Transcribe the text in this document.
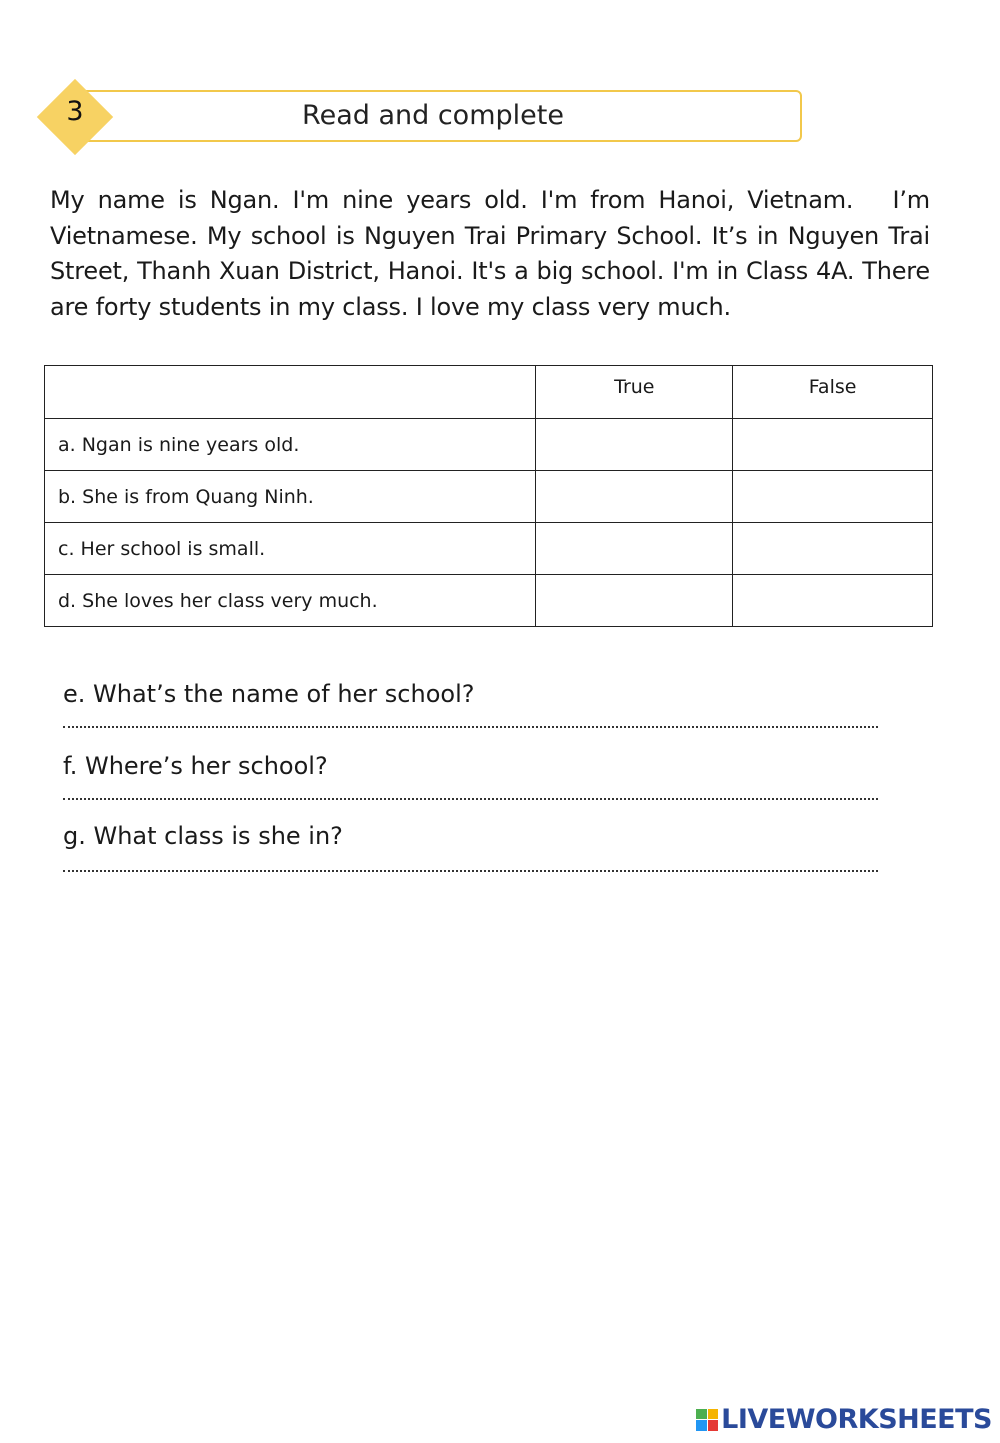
Read and complete
3

My name is Ngan. I'm nine years old. I'm from Hanoi, Vietnam.   I’m Vietnamese. My school is Nguyen Trai Primary School. It’s in Nguyen Trai Street, Thanh Xuan District, Hanoi. It's a big school. I'm in Class 4A. There are forty students in my class. I love my class very much.

	True	False
a. Ngan is nine years old.		
b. She is from Quang Ninh.		
c. Her school is small.		
d. She loves her class very much.		
e. What’s the name of her school?
f. Where’s her school?
g. What class is she in?
LIVEWORKSHEETS
